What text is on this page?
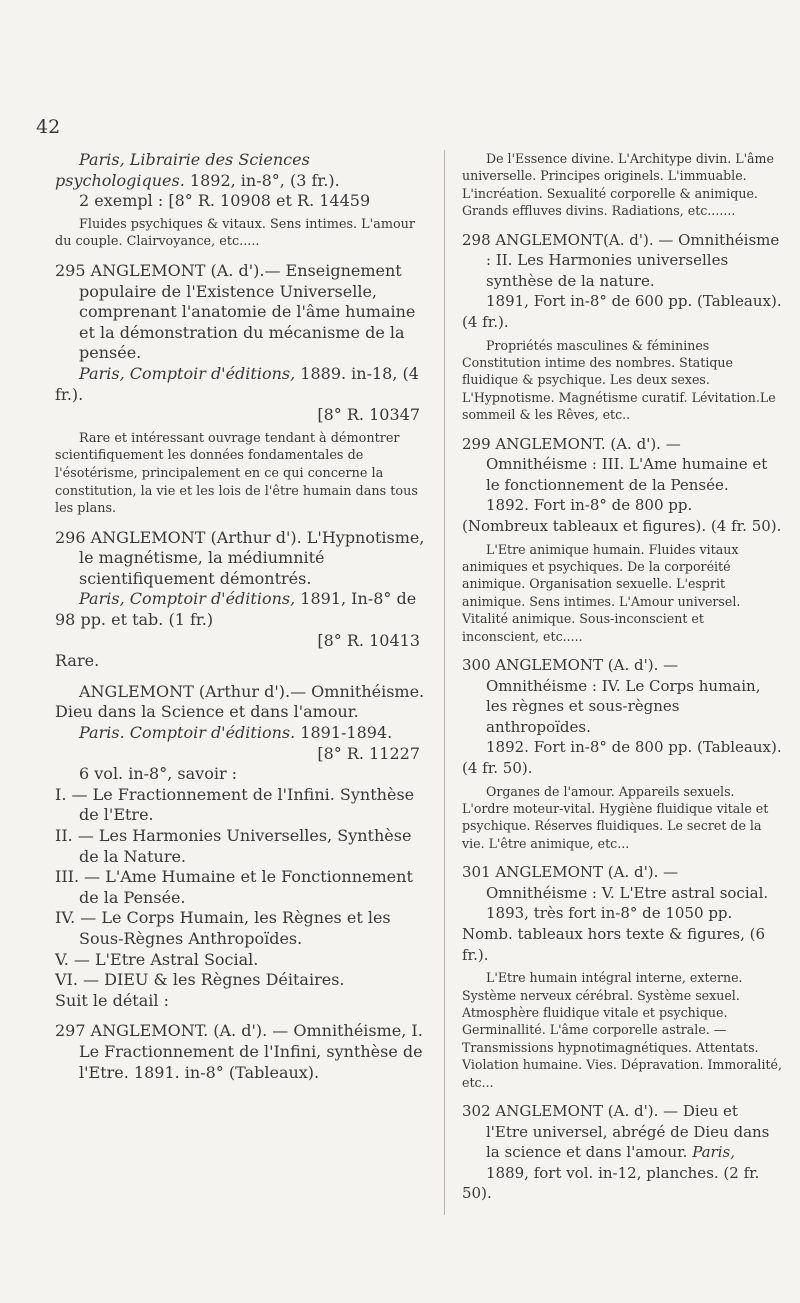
42

Paris, Librairie des Sciences psychologiques. 1892, in-8°, (3 fr.).

2 exempl : [8° R. 10908 et R. 14459

Fluides psychiques & vitaux. Sens intimes. L'amour du couple. Clairvoyance, etc.....

295 ANGLEMONT (A. d').— Enseignement populaire de l'Existence Universelle, comprenant l'anatomie de l'âme humaine et la démonstration du mécanisme de la pensée.

Paris, Comptoir d'éditions, 1889. in-18, (4 fr.).

[8° R. 10347

Rare et intéressant ouvrage tendant à démontrer scientifiquement les données fondamentales de l'ésotérisme, principalement en ce qui concerne la constitution, la vie et les lois de l'être humain dans tous les plans.

296 ANGLEMONT (Arthur d'). L'Hypnotisme, le magnétisme, la médiumnité scientifiquement démontrés.

Paris, Comptoir d'éditions, 1891, In-8° de 98 pp. et tab. (1 fr.)

[8° R. 10413

Rare.

ANGLEMONT (Arthur d').— Omnithéisme. Dieu dans la Science et dans l'amour.

Paris. Comptoir d'éditions. 1891-1894.

[8° R. 11227

6 vol. in-8°, savoir :

I. — Le Fractionnement de l'Infini. Synthèse de l'Etre.

II. — Les Harmonies Universelles, Synthèse de la Nature.

III. — L'Ame Humaine et le Fonctionnement de la Pensée.

IV. — Le Corps Humain, les Règnes et les Sous-Règnes Anthropoïdes.

V. — L'Etre Astral Social.

VI. — DIEU & les Règnes Déitaires.

Suit le détail :

297 ANGLEMONT. (A. d'). — Omnithéisme, I. Le Fractionnement de l'Infini, synthèse de l'Etre. 1891. in-8° (Tableaux).

De l'Essence divine. L'Architype divin. L'âme universelle. Principes originels. L'immuable. L'incréation. Sexualité corporelle & animique. Grands effluves divins. Radiations, etc.......

298 ANGLEMONT(A. d'). — Omnithéisme : II. Les Harmonies universelles synthèse de la nature.

1891, Fort in-8° de 600 pp. (Tableaux). (4 fr.).

Propriétés masculines & féminines Constitution intime des nombres. Statique fluidique & psychique. Les deux sexes. L'Hypnotisme. Magnétisme curatif. Lévitation.Le sommeil & les Rêves, etc..

299 ANGLEMONT. (A. d'). — Omnithéisme : III. L'Ame humaine et le fonctionnement de la Pensée.

1892. Fort in-8° de 800 pp. (Nombreux tableaux et figures). (4 fr. 50).

L'Etre animique humain. Fluides vitaux animiques et psychiques. De la corporéité animique. Organisation sexuelle. L'esprit animique. Sens intimes. L'Amour universel. Vitalité animique. Sous-inconscient et inconscient, etc.....

300 ANGLEMONT (A. d'). — Omnithéisme : IV. Le Corps humain, les règnes et sous-règnes anthropoïdes.

1892. Fort in-8° de 800 pp. (Tableaux). (4 fr. 50).

Organes de l'amour. Appareils sexuels. L'ordre moteur-vital. Hygiène fluidique vitale et psychique. Réserves fluidiques. Le secret de la vie. L'être animique, etc...

301 ANGLEMONT (A. d'). — Omnithéisme : V. L'Etre astral social.

1893, très fort in-8° de 1050 pp. Nomb. tableaux hors texte & figures, (6 fr.).

L'Etre humain intégral interne, externe. Système nerveux cérébral. Système sexuel. Atmosphère fluidique vitale et psychique. Germinallité. L'âme corporelle astrale. — Transmissions hypnotimagnétiques. Attentats. Violation humaine. Vies. Dépravation. Immoralité, etc...

302 ANGLEMONT (A. d'). — Dieu et l'Etre universel, abrégé de Dieu dans la science et dans l'amour. Paris,

1889, fort vol. in-12, planches. (2 fr. 50).
